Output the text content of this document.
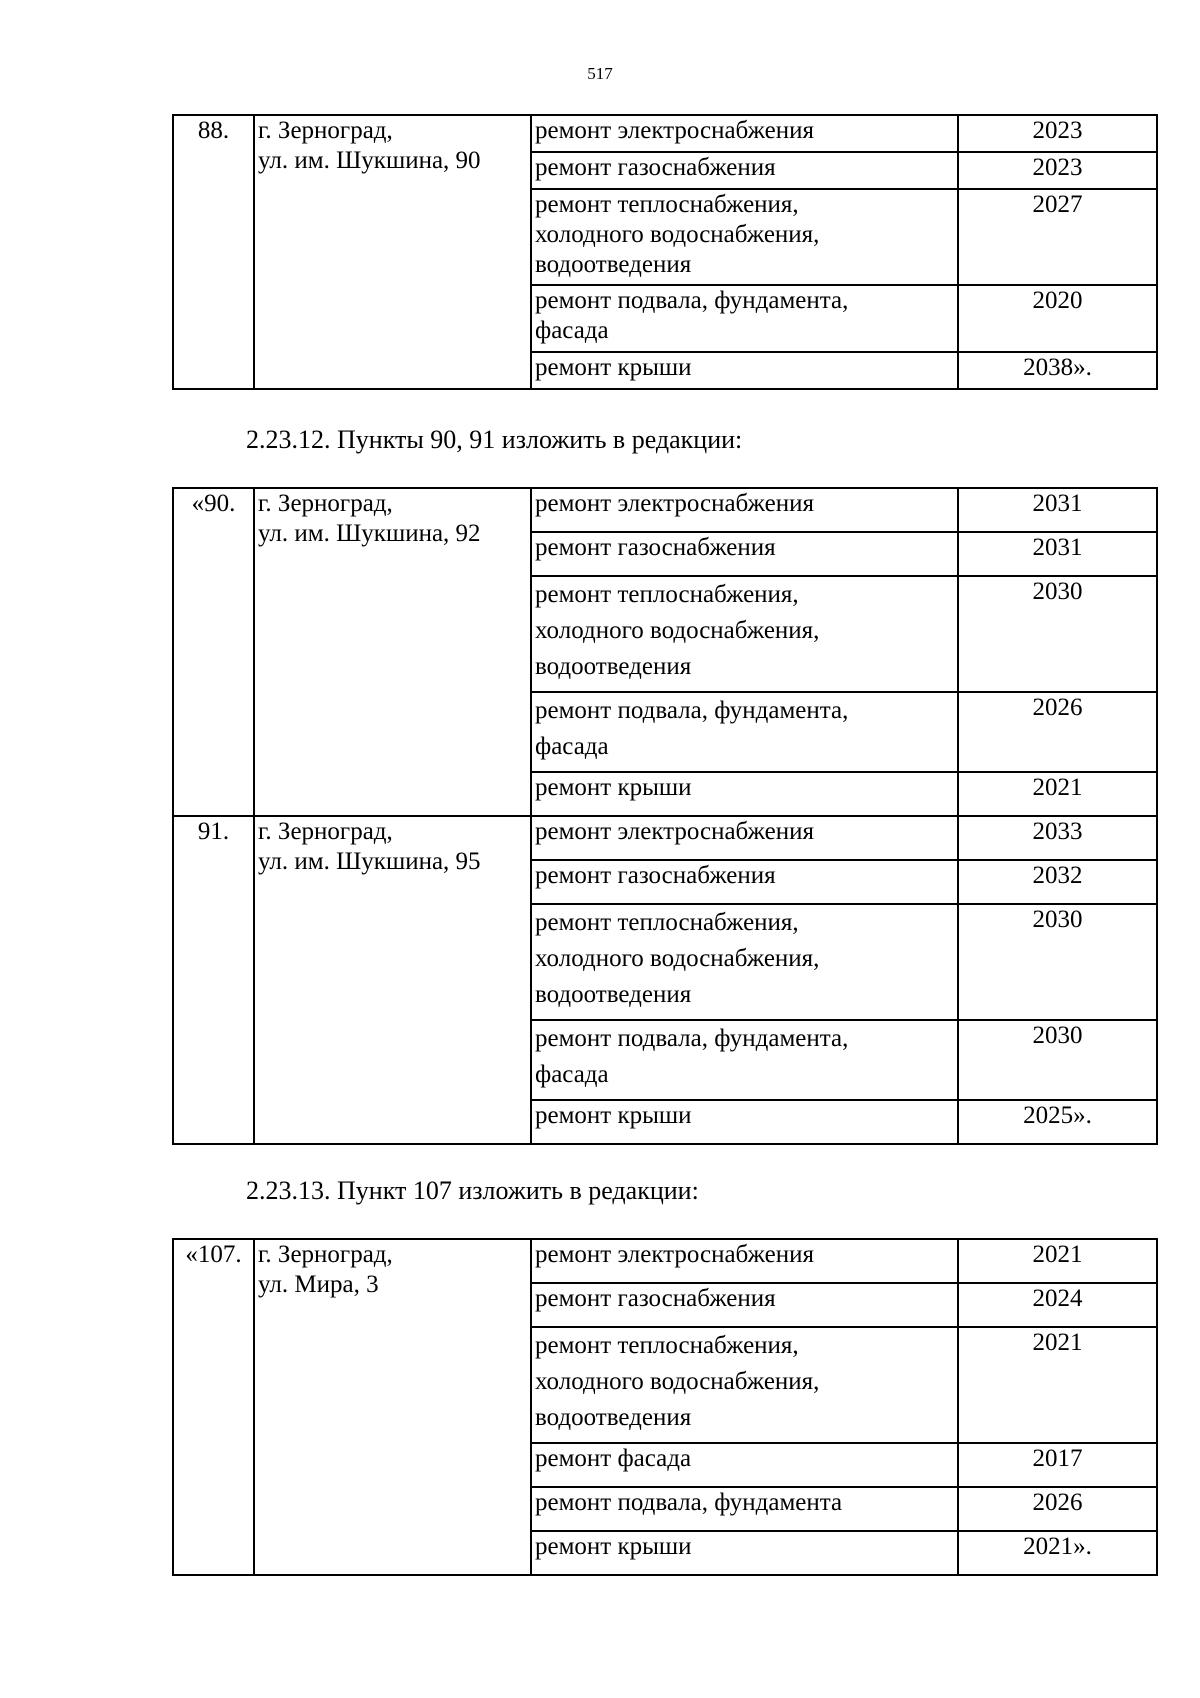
517
88.	г. Зерноград,
ул. им. Шукшина, 90	ремонт электроснабжения	2023
		ремонт газоснабжения	2023
		ремонт теплоснабжения,
холодного водоснабжения,
водоотведения	2027
		ремонт подвала, фундамента,
фасада	2020
		ремонт крыши	2038».
2.23.12. Пункты 90, 91 изложить в редакции:
«90.	г. Зерноград,
ул. им. Шукшина, 92	ремонт электроснабжения	2031
		ремонт газоснабжения	2031
		ремонт теплоснабжения,
холодного водоснабжения,
водоотведения	2030
		ремонт подвала, фундамента,
фасада	2026
		ремонт крыши	2021
91.	г. Зерноград,
ул. им. Шукшина, 95	ремонт электроснабжения	2033
		ремонт газоснабжения	2032
		ремонт теплоснабжения,
холодного водоснабжения,
водоотведения	2030
		ремонт подвала, фундамента,
фасада	2030
		ремонт крыши	2025».
2.23.13. Пункт 107 изложить в редакции:
«107.	г. Зерноград,
ул. Мира, 3	ремонт электроснабжения	2021
		ремонт газоснабжения	2024
		ремонт теплоснабжения,
холодного водоснабжения,
водоотведения	2021
		ремонт фасада	2017
		ремонт подвала, фундамента	2026
		ремонт крыши	2021».
